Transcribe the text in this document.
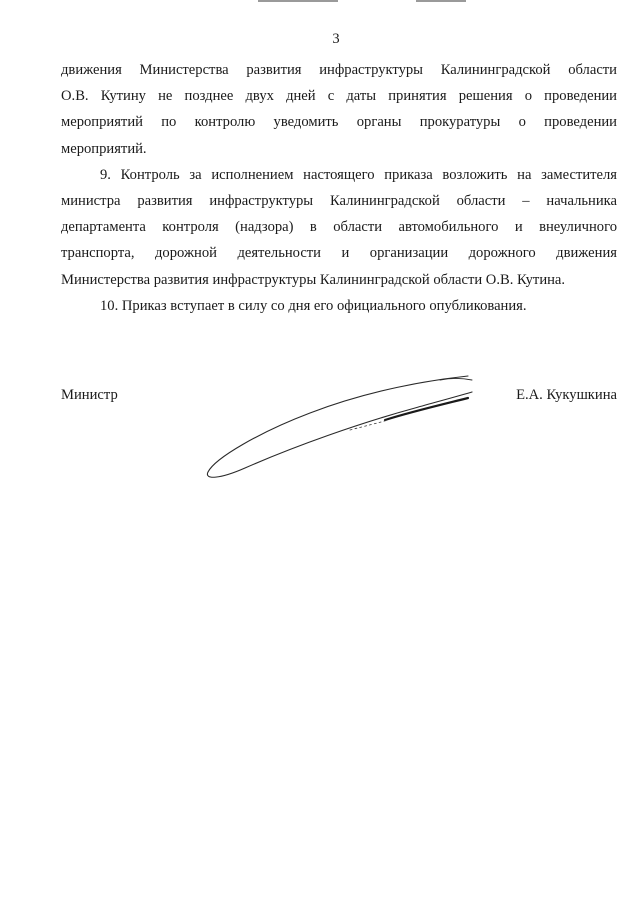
3
движения Министерства развития инфраструктуры Калининградской области
О.В. Кутину не позднее двух дней с даты принятия решения о проведении
мероприятий по контролю уведомить органы прокуратуры о проведении
мероприятий.
9. Контроль за исполнением настоящего приказа возложить на заместителя
министра развития инфраструктуры Калининградской области – начальника
департамента контроля (надзора) в области автомобильного и внеуличного
транспорта, дорожной деятельности и организации дорожного движения
Министерства развития инфраструктуры Калининградской области О.В. Кутина.
10. Приказ вступает в силу со дня его официального опубликования.
Министр	Е.А. Кукушкина
